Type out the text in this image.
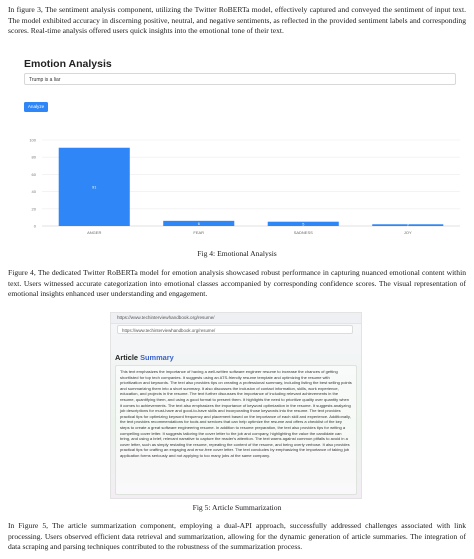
In figure 3, The sentiment analysis component, utilizing the Twitter RoBERTa model, effectively captured and conveyed the sentiment of input text. The model exhibited accuracy in discerning positive, neutral, and negative sentiments, as reflected in the provided sentiment labels and corresponding scores. Real-time analysis offered users quick insights into the emotional tone of their text.

Emotion Analysis
Trump is a liar
Analyze
0
20
40
60
80
100
91
ANGER
6
FEAR
5
SADNESS
2
JOY
Fig 4: Emotional Analysis

Figure 4, The dedicated Twitter RoBERTa model for emotion analysis showcased robust performance in capturing nuanced emotional content within text. Users witnessed accurate categorization into emotional classes accompanied by corresponding confidence scores. The visual representation of emotional insights enhanced user understanding and engagement.

https://www.techinterviewhandbook.org/resume/
https://www.techinterviewhandbook.org/resume/
Article Summary

This text emphasizes the importance of having a well-written software engineer resume to increase the chances of getting shortlisted for top tech companies. It suggests using an ATS-friendly resume template and optimizing the resume with prioritization and keywords. The text also provides tips on creating a professional summary, including listing the best selling points and summarizing them into a short summary. It also discusses the inclusion of contact information, skills, work experience, education, and projects in the resume. The text further discusses the importance of including relevant achievements in the resume, quantifying them, and using a good format to present them. It highlights the need to prioritize quality over quantity when it comes to achievements. The text also emphasizes the importance of keyword optimization in the resume. It suggests analyzing job descriptions for must-have and good-to-have skills and incorporating those keywords into the resume. The text provides practical tips for optimizing keyword frequency and placement based on the importance of each skill and experience. Additionally, the text provides recommendations for tools and services that can help optimize the resume and offers a checklist of the key steps to create a great software engineering resume. In addition to resume preparation, the text also provides tips for writing a compelling cover letter. It suggests tailoring the cover letter to the job and company, highlighting the value the candidate can bring, and using a brief, relevant narrative to capture the reader's attention. The text warns against common pitfalls to avoid in a cover letter, such as simply restating the resume, repeating the content of the resume, and being overly verbose. It also provides practical tips for crafting an engaging and error-free cover letter. The text concludes by emphasizing the importance of taking job application forms seriously and not applying to too many jobs at the same company.

Fig 5: Article Summarization

In Figure 5, The article summarization component, employing a dual-API approach, successfully addressed challenges associated with link processing. Users observed efficient data retrieval and summarization, allowing for the dynamic generation of article summaries. The integration of data scraping and parsing techniques contributed to the robustness of the summarization process.
